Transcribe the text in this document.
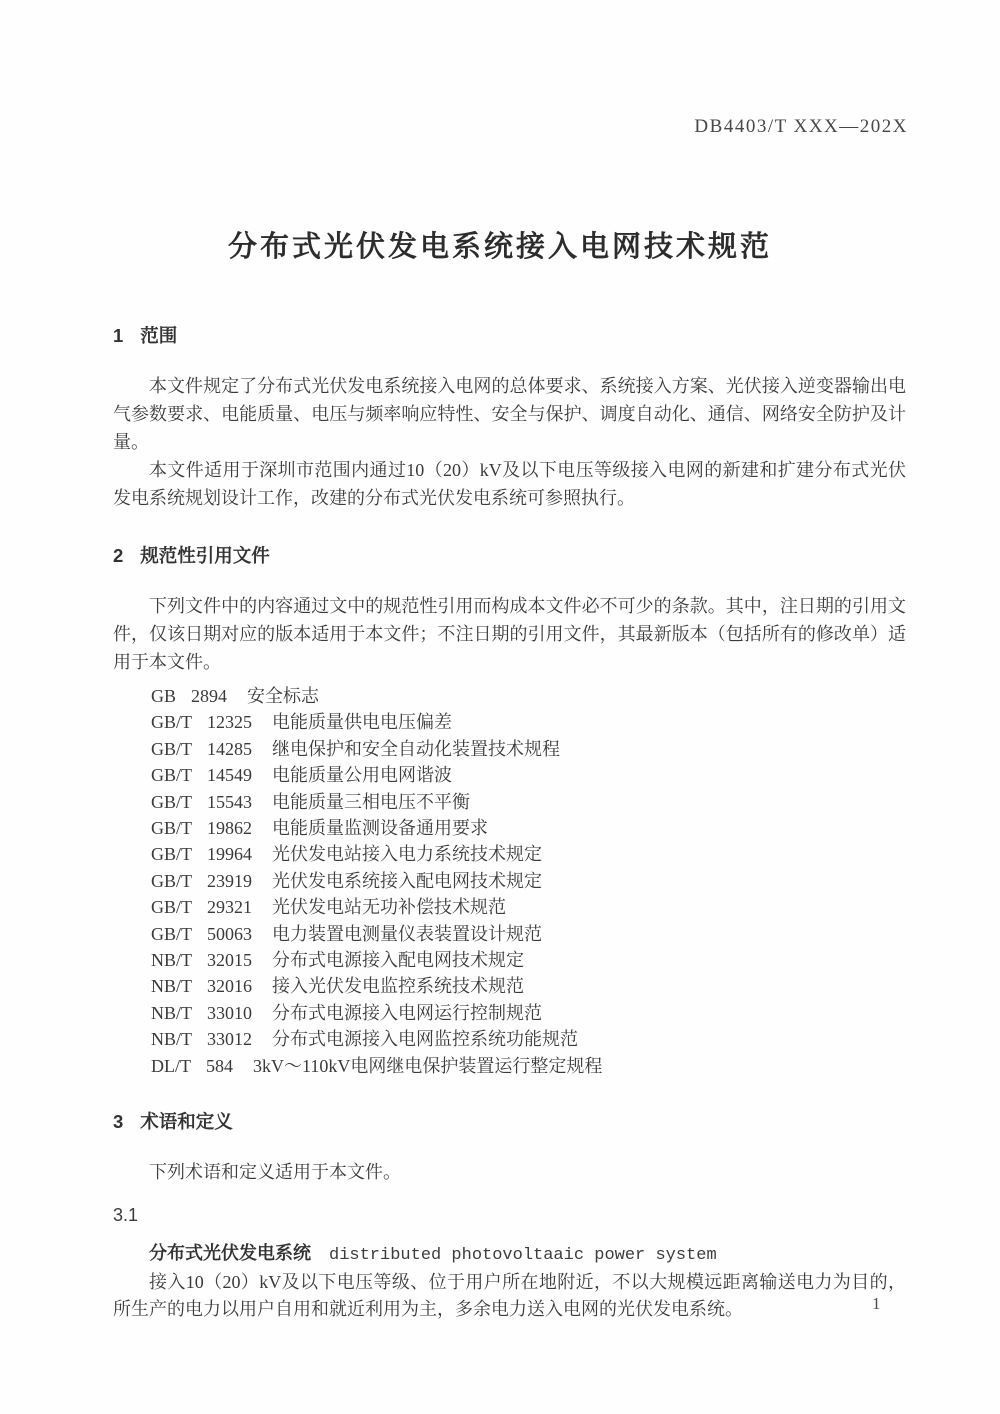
DB4403/T XXX—202X
分布式光伏发电系统接入电网技术规范
1 范围

本文件规定了分布式光伏发电系统接入电网的总体要求、系统接入方案、光伏接入逆变器输出电气参数要求、电能质量、电压与频率响应特性、安全与保护、调度自动化、通信、网络安全防护及计量。

本文件适用于深圳市范围内通过10（20）kV及以下电压等级接入电网的新建和扩建分布式光伏发电系统规划设计工作，改建的分布式光伏发电系统可参照执行。

2 规范性引用文件

下列文件中的内容通过文中的规范性引用而构成本文件必不可少的条款。其中，注日期的引用文件，仅该日期对应的版本适用于本文件；不注日期的引用文件，其最新版本（包括所有的修改单）适用于本文件。

GB 2894 安全标志
GB/T 12325 电能质量供电电压偏差
GB/T 14285 继电保护和安全自动化装置技术规程
GB/T 14549 电能质量公用电网谐波
GB/T 15543 电能质量三相电压不平衡
GB/T 19862 电能质量监测设备通用要求
GB/T 19964 光伏发电站接入电力系统技术规定
GB/T 23919 光伏发电系统接入配电网技术规定
GB/T 29321 光伏发电站无功补偿技术规范
GB/T 50063 电力装置电测量仪表装置设计规范
NB/T 32015 分布式电源接入配电网技术规定
NB/T 32016 接入光伏发电监控系统技术规范
NB/T 33010 分布式电源接入电网运行控制规范
NB/T 33012 分布式电源接入电网监控系统功能规范
DL/T 584 3kV～110kV电网继电保护装置运行整定规程
3 术语和定义

下列术语和定义适用于本文件。

3.1
分布式光伏发电系统 distributed photovoltaaic power system

接入10（20）kV及以下电压等级、位于用户所在地附近，不以大规模远距离输送电力为目的，所生产的电力以用户自用和就近利用为主，多余电力送入电网的光伏发电系统。	1
